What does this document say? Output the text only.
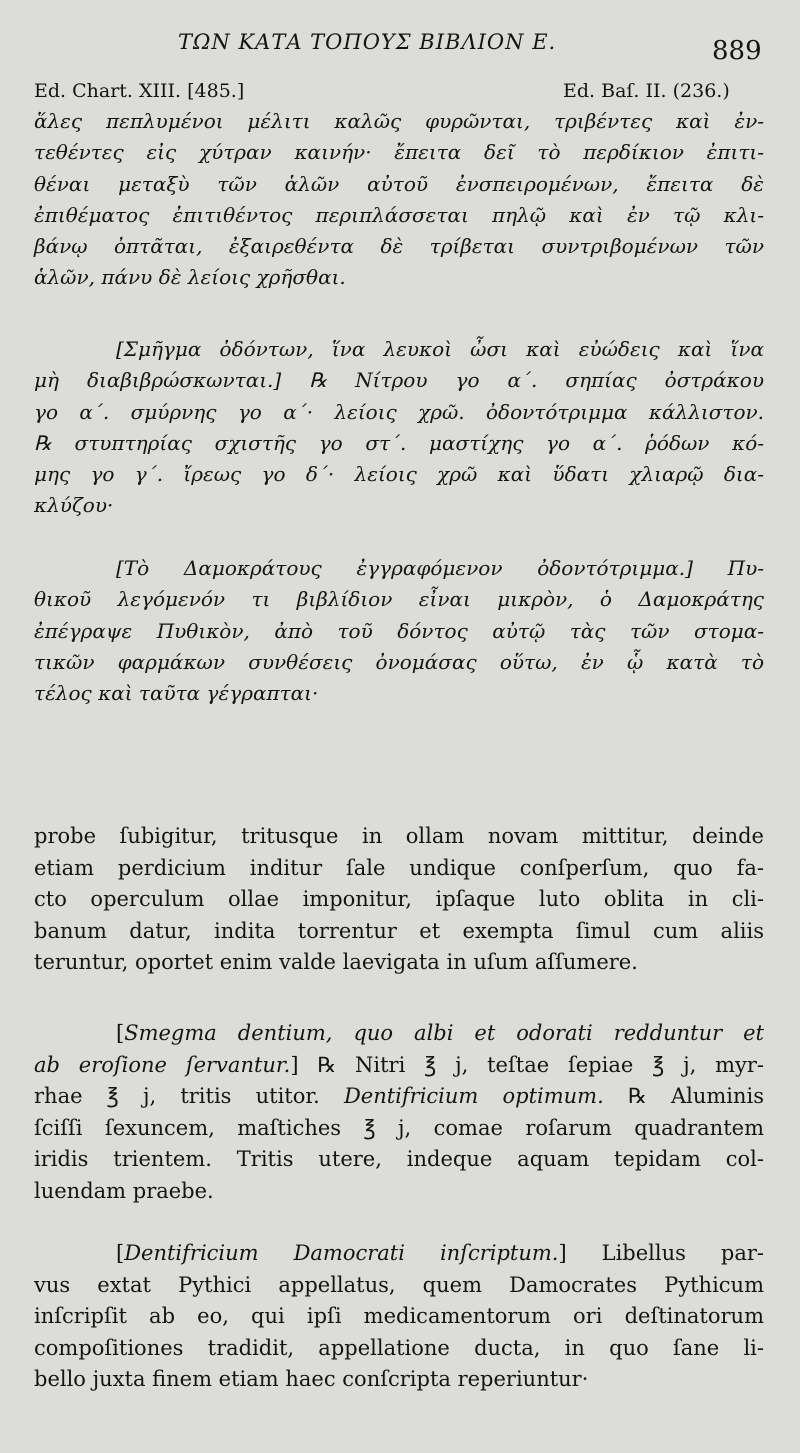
ΤΩΝ ΚΑΤΑ ΤΟΠΟΥΣ ΒΙΒΛΙΟΝ Ε.	889
Ed. Chart. XIII. [485.]	Ed. Baſ. II. (236.)
ἅλες πεπλυμένοι μέλιτι καλῶς φυρῶνται, τριβέντες καὶ ἐν-
τεθέντες εἰς χύτραν καινήν· ἔπειτα δεῖ τὸ περδίκιον ἐπιτι-
θέναι μεταξὺ τῶν ἁλῶν αὐτοῦ ἐνσπειρομένων, ἔπειτα δὲ
ἐπιθέματος ἐπιτιθέντος περιπλάσσεται πηλῷ καὶ ἐν τῷ κλι-
βάνῳ ὀπτᾶται, ἐξαιρεθέντα δὲ τρίβεται συντριβομένων τῶν
ἁλῶν, πάνυ δὲ λείοις χρῆσθαι.
[Σμῆγμα ὀδόντων, ἵνα λευκοὶ ὦσι καὶ εὐώδεις καὶ ἵνα
μὴ διαβιβρώσκωνται.] ℞ Νίτρου γο α΄. σηπίας ὀστράκου
γο α΄. σμύρνης γο α΄· λείοις χρῶ. ὀδοντότριμμα κάλλιστον.
℞ στυπτηρίας σχιστῆς γο στ΄. μαστίχης γο α΄. ῥόδων κό-
μης γο γ΄. ἴρεως γο δ΄· λείοις χρῶ καὶ ὕδατι χλιαρῷ δια-
κλύζου·
[Τὸ Δαμοκράτους ἐγγραφόμενον ὀδοντότριμμα.] Πυ-
θικοῦ λεγόμενόν τι βιβλίδιον εἶναι μικρὸν, ὁ Δαμοκράτης
ἐπέγραψε Πυθικὸν, ἀπὸ τοῦ δόντος αὐτῷ τὰς τῶν στομα-
τικῶν φαρμάκων συνθέσεις ὀνομάσας οὕτω, ἐν ᾧ κατὰ τὸ
τέλος καὶ ταῦτα γέγραπται·
probe ſubigitur, tritusque in ollam novam mittitur, deinde
etiam perdicium inditur ſale undique conſperſum, quo fa-
cto operculum ollae imponitur, ipſaque luto oblita in cli-
banum datur, indita torrentur et exempta ſimul cum aliis
teruntur, oportet enim valde laevigata in uſum aſſumere.
[Smegma dentium, quo albi et odorati redduntur et
ab eroſione ſervantur.] ℞ Nitri ℥ j, teſtae ſepiae ℥ j, myr-
rhae ℥ j, tritis utitor. Dentifricium optimum. ℞ Aluminis
ſciſſi ſexuncem, maſtiches ℥ j, comae roſarum quadrantem
iridis trientem. Tritis utere, indeque aquam tepidam col-
luendam praebe.
[Dentifricium Damocrati inſcriptum.] Libellus par-
vus extat Pythici appellatus, quem Damocrates Pythicum
inſcripſit ab eo, qui ipſi medicamentorum ori deſtinatorum
compoſitiones tradidit, appellatione ducta, in quo ſane li-
bello juxta finem etiam haec conſcripta reperiuntur·
